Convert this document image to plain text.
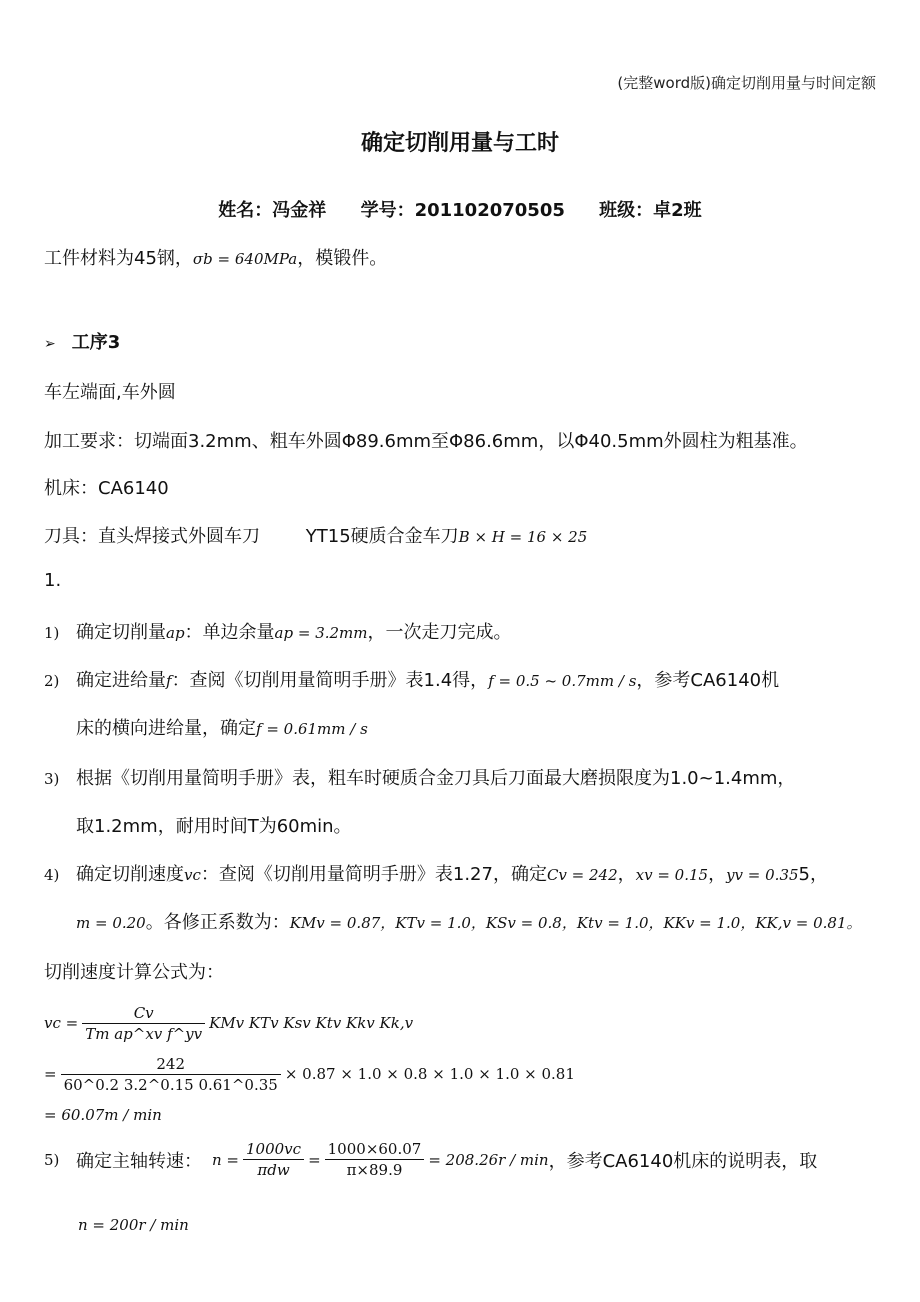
(完整word版)确定切削用量与时间定额
确定切削用量与工时
姓名：冯金祥 学号：201102070505 班级：卓2班
工件材料为45钢，σb = 640MPa，模锻件。
➢ 工序3
车左端面,车外圆
加工要求：切端面3.2mm、粗车外圆Φ89.6mm至Φ86.6mm，以Φ40.5mm外圆柱为粗基准。
机床：CA6140
刀具：直头焊接式外圆车刀        YT15硬质合金车刀B × H = 16 × 25
1.
1) 确定切削量ap：单边余量ap = 3.2mm，一次走刀完成。
2) 确定进给量f：查阅《切削用量简明手册》表1.4得，f = 0.5 ~ 0.7mm / s，参考CA6140机
床的横向进给量，确定f = 0.61mm / s
3) 根据《切削用量简明手册》表，粗车时硬质合金刀具后刀面最大磨损限度为1.0~1.4mm，
取1.2mm，耐用时间T为60min。
4) 确定切削速度vc：查阅《切削用量简明手册》表1.27，确定Cv = 242，xv = 0.15，yv = 0.355，
m = 0.20。各修正系数为：KMv = 0.87，KTv = 1.0，KSv = 0.8，Ktv = 1.0，KKv = 1.0，KK,v = 0.81。
切削速度计算公式为：
vc = $\frac{Cv}{\text{Tm ap\textasciicircum{}xv f\textasciicircum{}yv}}$ KMv KTv Ksv Ktv Kkv Kk,v
= $\frac{242}{60\^{}0.2 3.2\^{}0.15 0.61\^{}0.35} \times 0.87 \times 1.0 \times 0.8 \times 1.0 \times 1.0 \times 0.81$
= 60.07m / min
5) 确定主轴转速： $n = \frac{1000vc}{\text{πdw}} = \frac{1000\times 60.07}{\pi\times 89.9} = 208.26r / \min$ ，参考CA6140机床的说明表，取
n = 200r / min
